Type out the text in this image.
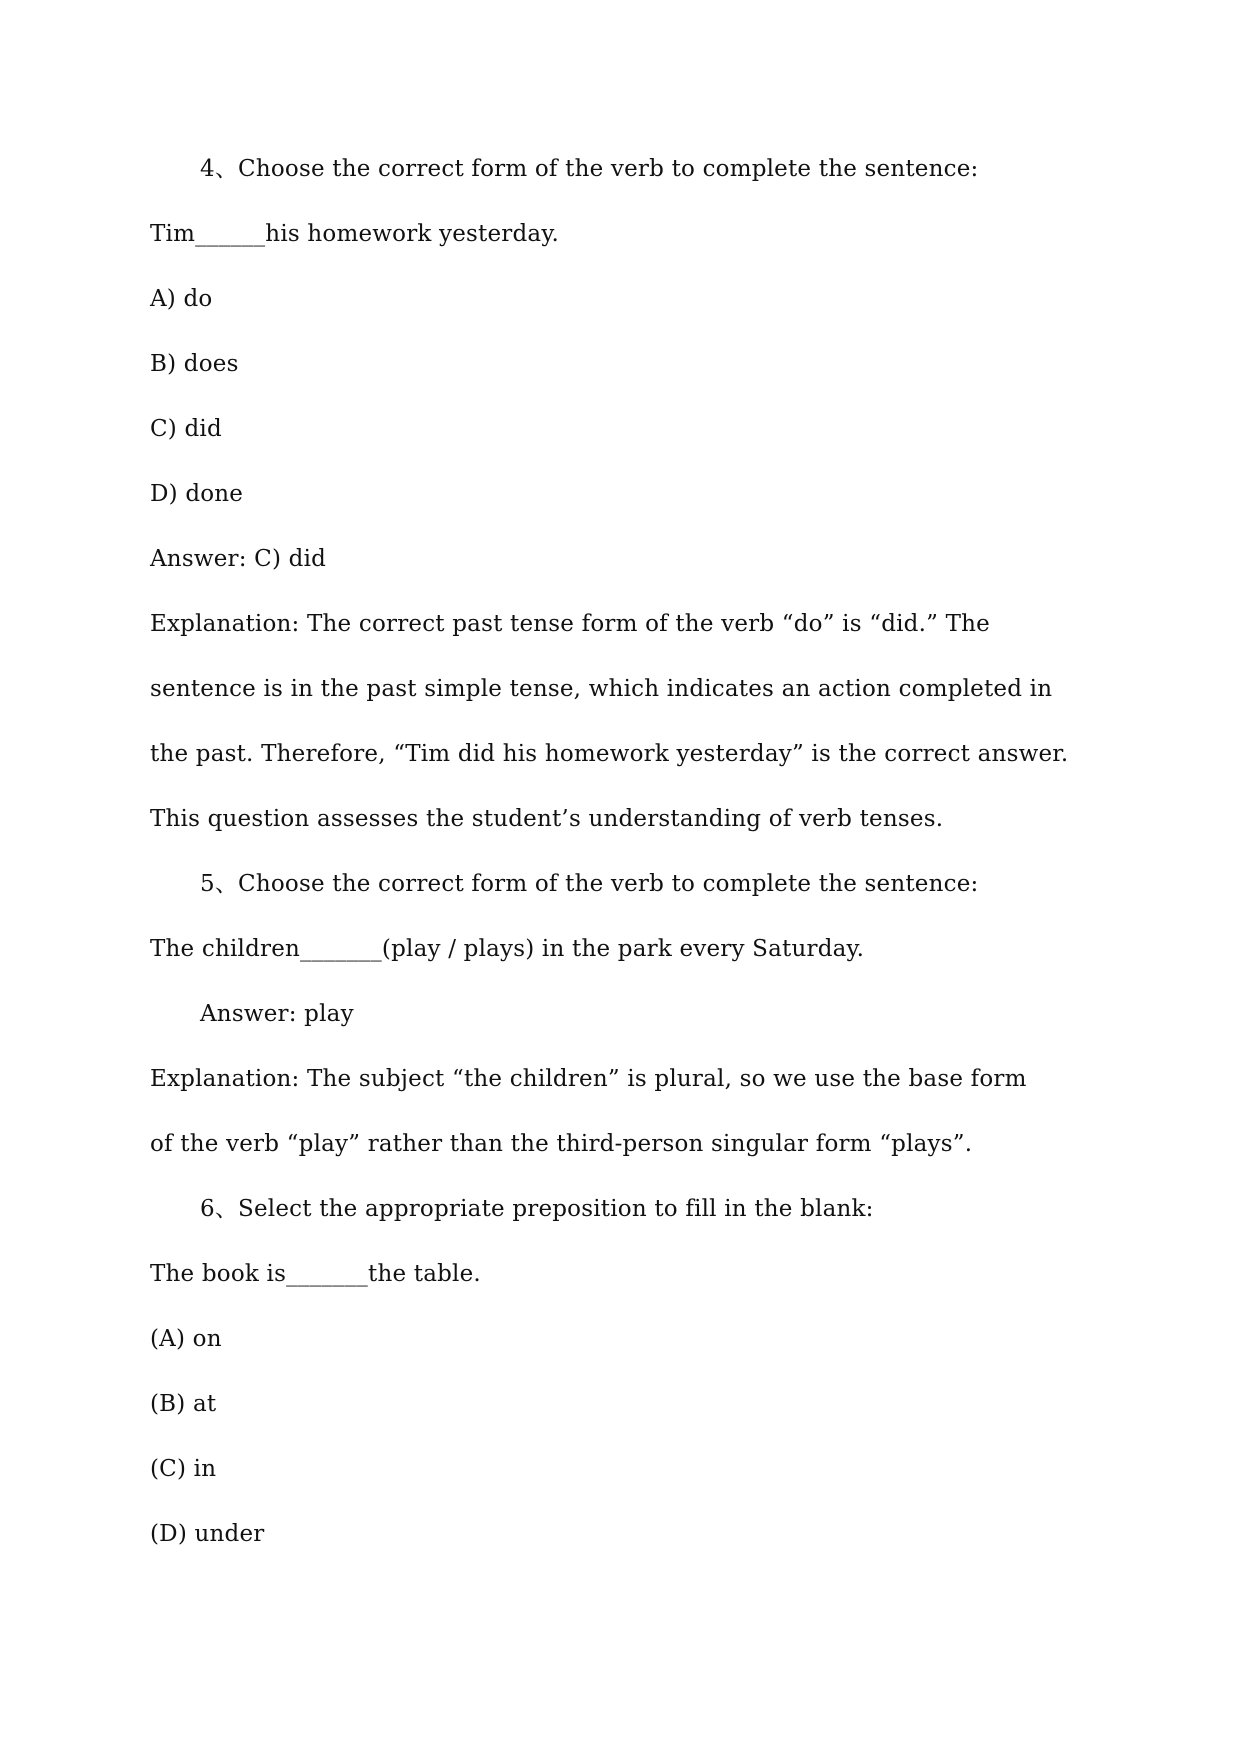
4、Choose the correct form of the verb to complete the sentence:
Tim______his homework yesterday.
A) do
B) does
C) did
D) done
Answer: C) did
Explanation: The correct past tense form of the verb “do” is “did.” The
sentence is in the past simple tense, which indicates an action completed in
the past. Therefore, “Tim did his homework yesterday” is the correct answer.
This question assesses the student’s understanding of verb tenses.
5、Choose the correct form of the verb to complete the sentence:
The children_______(play / plays) in the park every Saturday.
Answer: play
Explanation: The subject “the children” is plural, so we use the base form
of the verb “play” rather than the third-person singular form “plays”.
6、Select the appropriate preposition to fill in the blank:
The book is_______the table.
(A) on
(B) at
(C) in
(D) under
